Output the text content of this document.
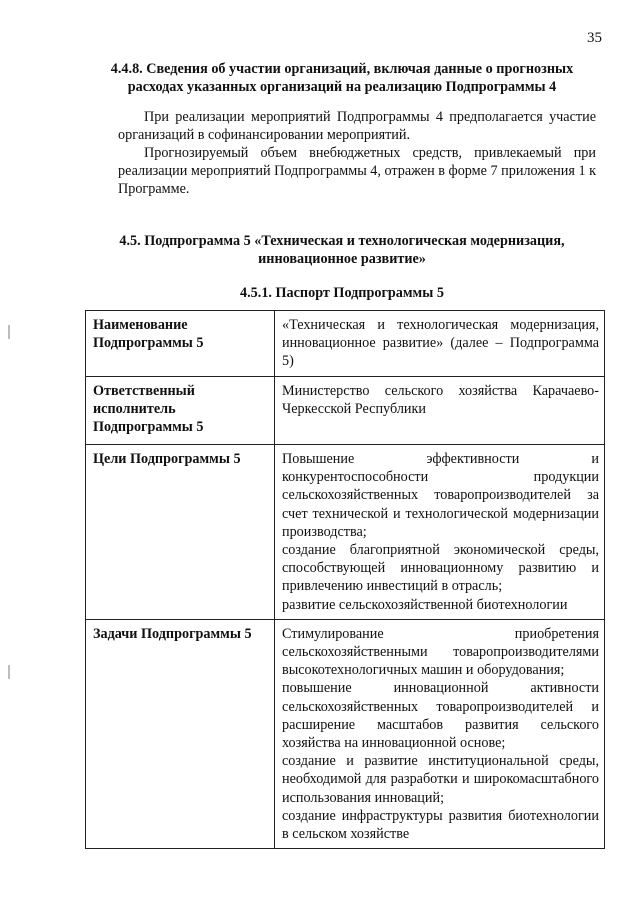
35
4.4.8. Сведения об участии организаций, включая данные о прогнозных расходах указанных организаций на реализацию Подпрограммы 4
При реализации мероприятий Подпрограммы 4 предполагается участие организаций в софинансировании мероприятий.
Прогнозируемый объем внебюджетных средств, привлекаемый при реализации мероприятий Подпрограммы 4, отражен в форме 7 приложения 1 к Программе.
4.5. Подпрограмма 5 «Техническая и технологическая модернизация, инновационное развитие»
4.5.1. Паспорт Подпрограммы 5
Наименование Подпрограммы 5	«Техническая и технологическая модернизация, инновационное развитие» (далее – Подпрограмма 5)

Ответственный исполнитель Подпрограммы 5	Министерство сельского хозяйства Карачаево-Черкесской Республики

Цели Подпрограммы 5	Повышение эффективности и конкурентоспособности продукции сельскохозяйственных товаропроизводителей за счет технической и технологической модернизации производства;
создание благоприятной экономической среды, способствующей инновационному развитию и привлечению инвестиций в отрасль;
развитие сельскохозяйственной биотехнологии

Задачи Подпрограммы 5	Стимулирование приобретения сельскохозяйственными товаропроизводителями высокотехнологичных машин и оборудования;
повышение инновационной активности сельскохозяйственных товаропроизводителей и расширение масштабов развития сельского хозяйства на инновационной основе;
создание и развитие институциональной среды, необходимой для разработки и широкомасштабного использования инноваций;
создание инфраструктуры развития биотехнологии в сельском хозяйстве
